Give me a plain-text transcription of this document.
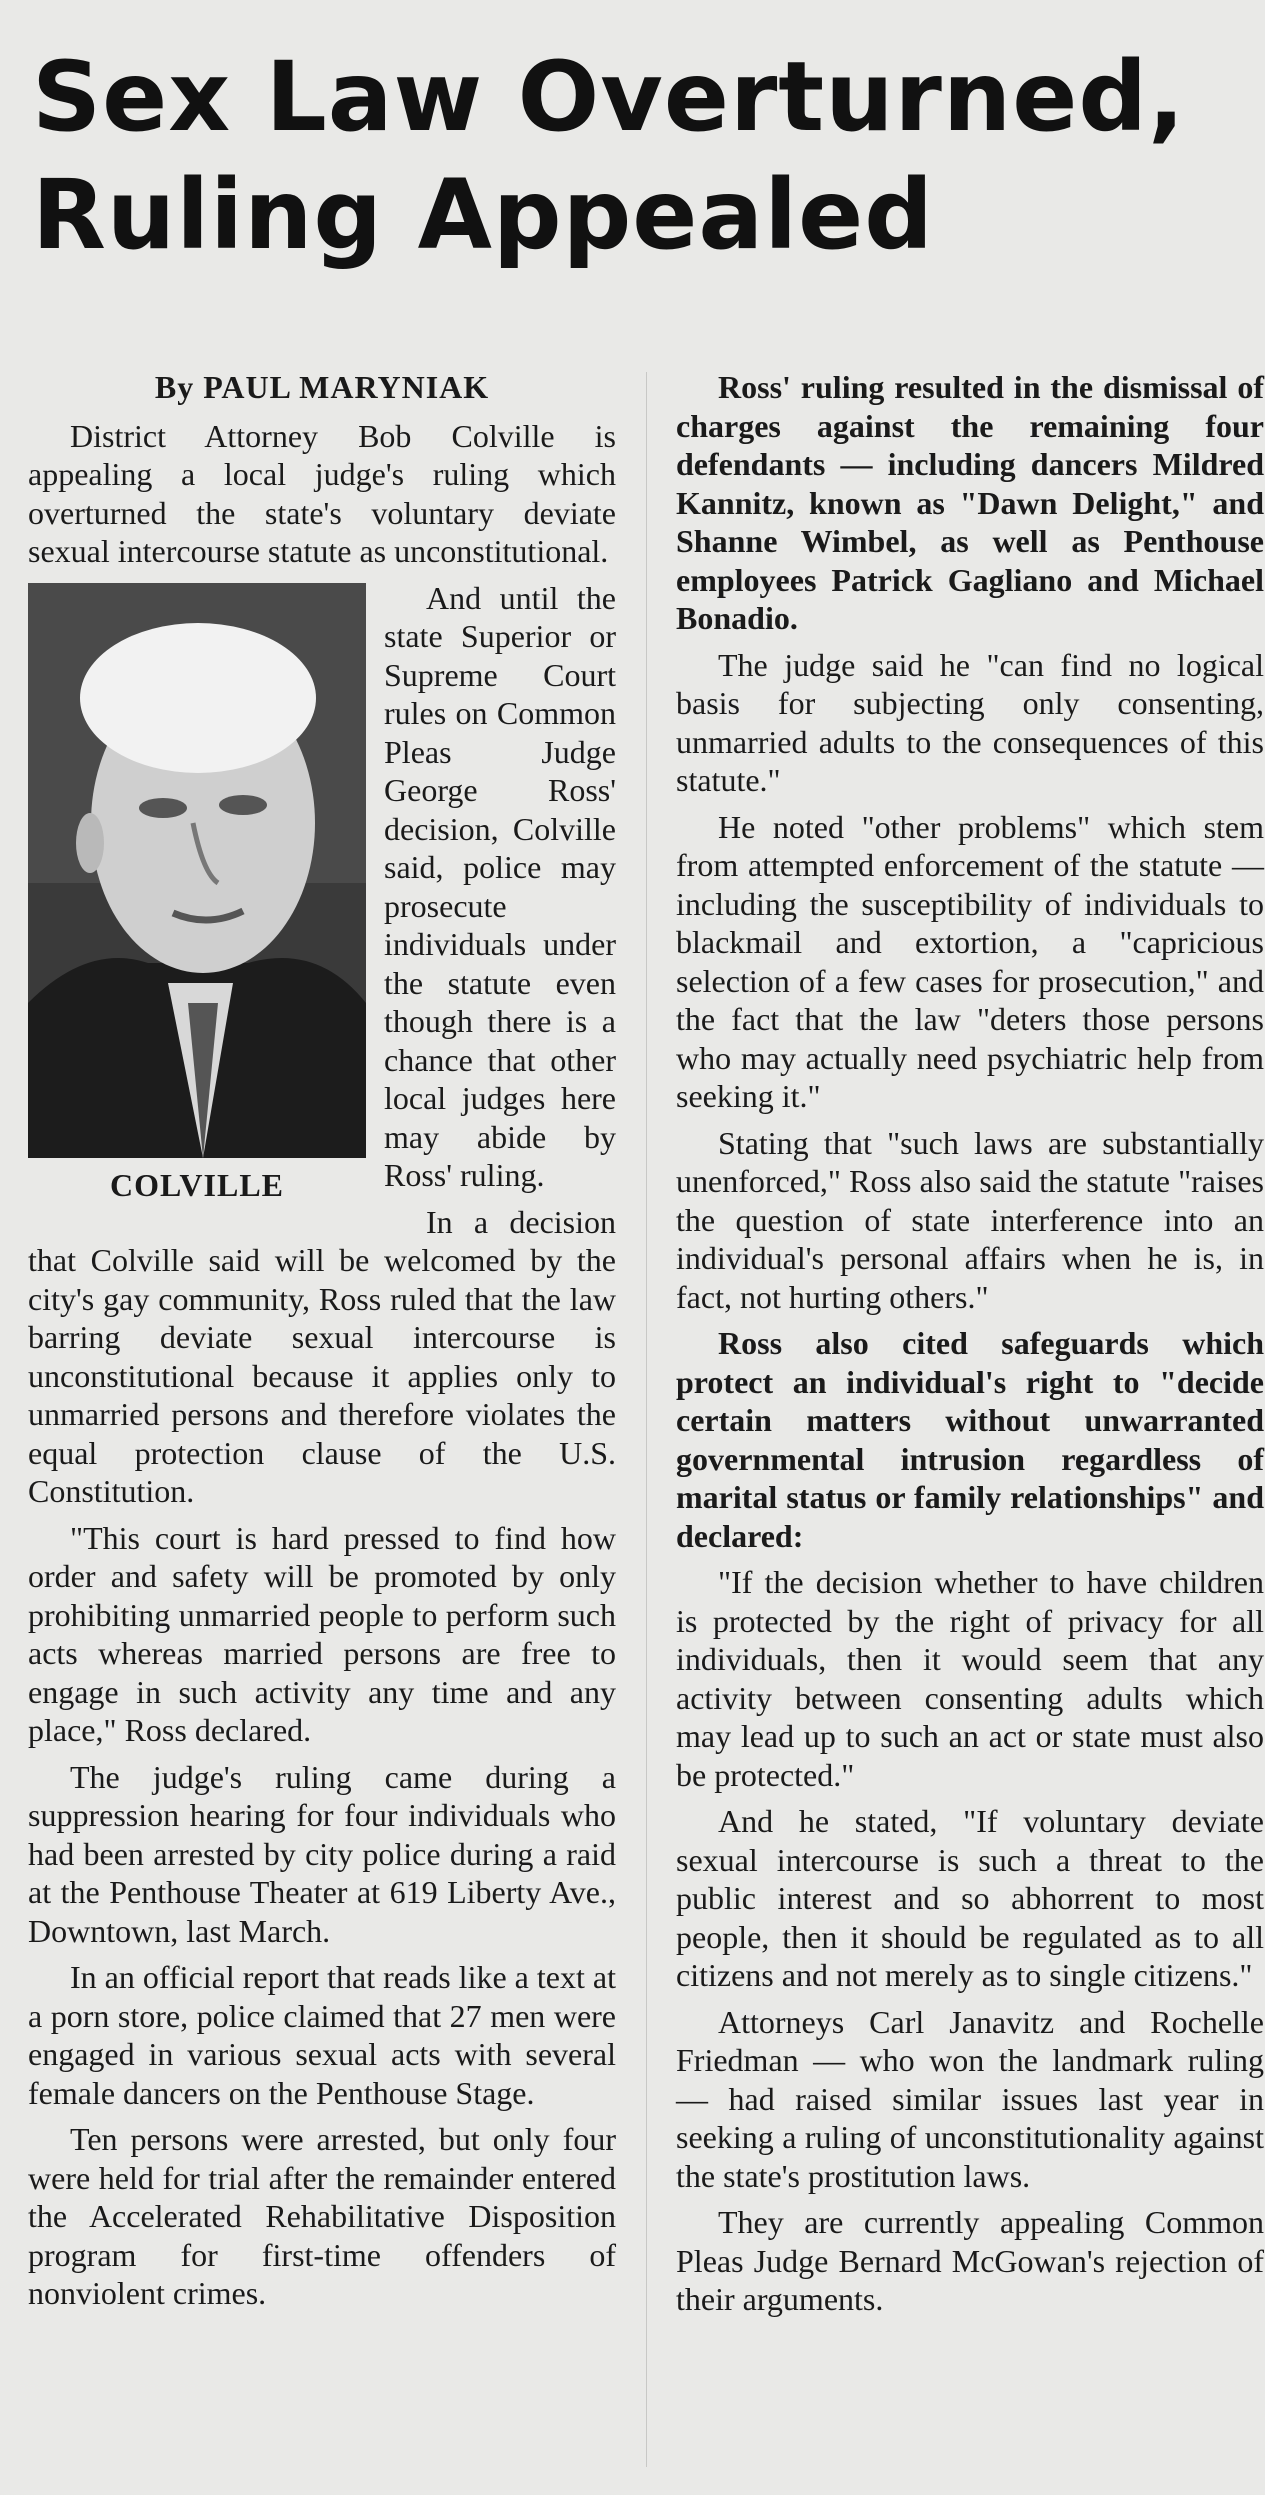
Sex Law Overturned,
Ruling Appealed
By PAUL MARYNIAK

District Attorney Bob Colville is appealing a local judge's ruling which overturned the state's voluntary deviate sexual intercourse statute as unconstitutional.

COLVILLE

And until the state Superior or Supreme Court rules on Common Pleas Judge George Ross' decision, Colville said, police may prosecute individuals under the statute even though there is a chance that other local judges here may abide by Ross' ruling.

In a decision that Colville said will be welcomed by the city's gay community, Ross ruled that the law barring deviate sexual intercourse is unconstitutional because it applies only to unmarried persons and therefore violates the equal protection clause of the U.S. Constitution.

"This court is hard pressed to find how order and safety will be promoted by only prohibiting unmarried people to perform such acts whereas married persons are free to engage in such activity any time and any place," Ross declared.

The judge's ruling came during a suppression hearing for four individuals who had been arrested by city police during a raid at the Penthouse Theater at 619 Liberty Ave., Downtown, last March.

In an official report that reads like a text at a porn store, police claimed that 27 men were engaged in various sexual acts with several female dancers on the Penthouse Stage.

Ten persons were arrested, but only four were held for trial after the remainder entered the Accelerated Rehabilitative Disposition program for first-time offenders of nonviolent crimes.

Ross' ruling resulted in the dismissal of charges against the remaining four defendants — including dancers Mildred Kannitz, known as "Dawn Delight," and Shanne Wimbel, as well as Penthouse employees Patrick Gagliano and Michael Bonadio.

The judge said he "can find no logical basis for subjecting only consenting, unmarried adults to the consequences of this statute."

He noted "other problems" which stem from attempted enforcement of the statute — including the susceptibility of individuals to blackmail and extortion, a "capricious selection of a few cases for prosecution," and the fact that the law "deters those persons who may actually need psychiatric help from seeking it."

Stating that "such laws are substantially unenforced," Ross also said the statute "raises the question of state interference into an individual's personal affairs when he is, in fact, not hurting others."

Ross also cited safeguards which protect an individual's right to "decide certain matters without unwarranted governmental intrusion regardless of marital status or family relationships" and declared:

"If the decision whether to have children is protected by the right of privacy for all individuals, then it would seem that any activity between consenting adults which may lead up to such an act or state must also be protected."

And he stated, "If voluntary deviate sexual intercourse is such a threat to the public interest and so abhorrent to most people, then it should be regulated as to all citizens and not merely as to single citizens."

Attorneys Carl Janavitz and Rochelle Friedman — who won the landmark ruling — had raised similar issues last year in seeking a ruling of unconstitutionality against the state's prostitution laws.

They are currently appealing Common Pleas Judge Bernard McGowan's rejection of their arguments.
